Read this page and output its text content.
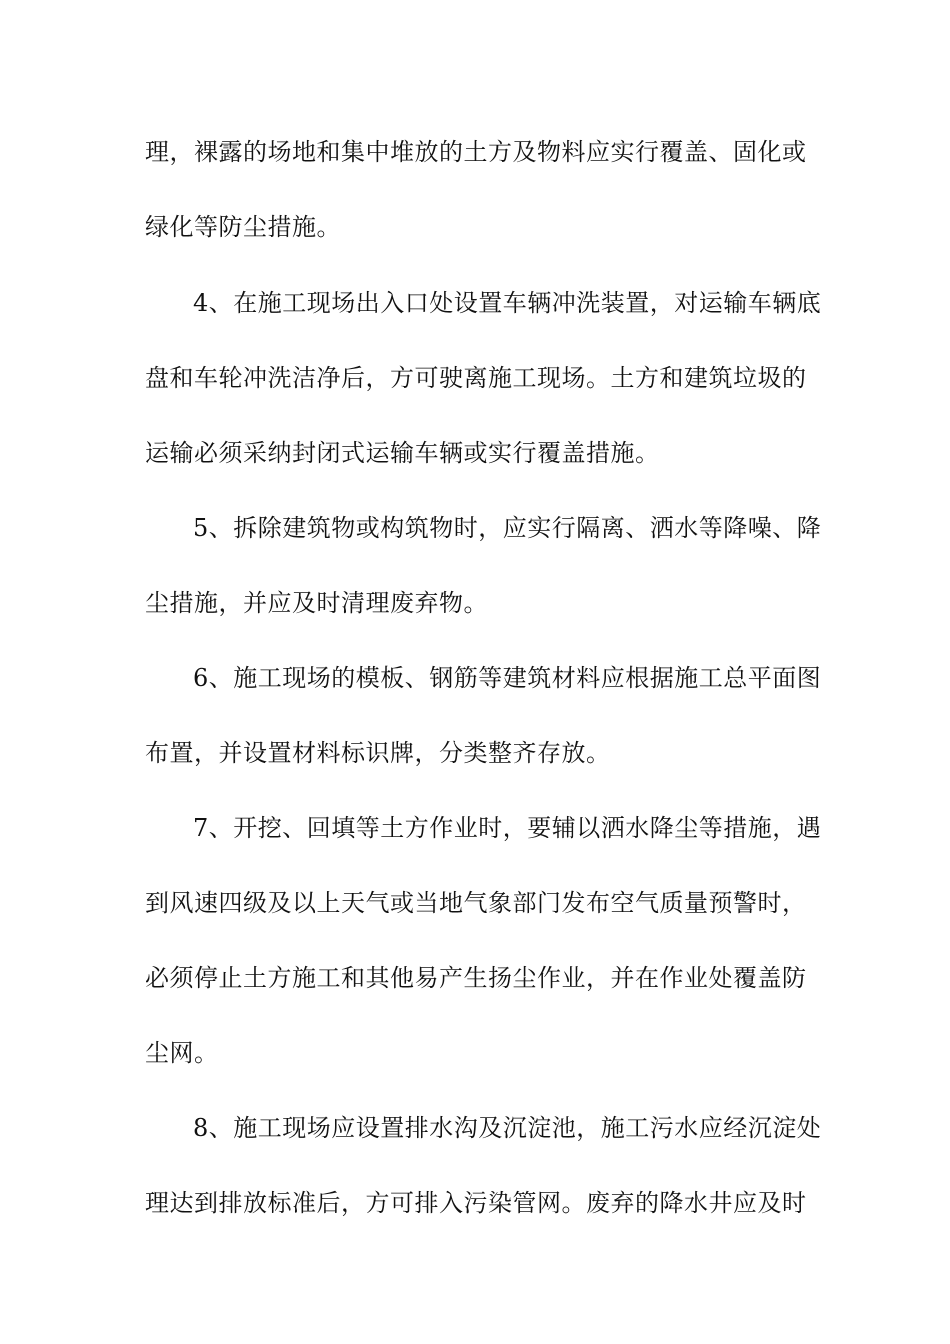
理，裸露的场地和集中堆放的土方及物料应实行覆盖、固化或
绿化等防尘措施。
4、在施工现场出入口处设置车辆冲洗装置，对运输车辆底
盘和车轮冲洗洁净后，方可驶离施工现场。土方和建筑垃圾的
运输必须采纳封闭式运输车辆或实行覆盖措施。
5、拆除建筑物或构筑物时，应实行隔离、洒水等降噪、降
尘措施，并应及时清理废弃物。
6、施工现场的模板、钢筋等建筑材料应根据施工总平面图
布置，并设置材料标识牌，分类整齐存放。
7、开挖、回填等土方作业时，要辅以洒水降尘等措施，遇
到风速四级及以上天气或当地气象部门发布空气质量预警时，
必须停止土方施工和其他易产生扬尘作业，并在作业处覆盖防
尘网。
8、施工现场应设置排水沟及沉淀池，施工污水应经沉淀处
理达到排放标准后，方可排入污染管网。废弃的降水井应及时
